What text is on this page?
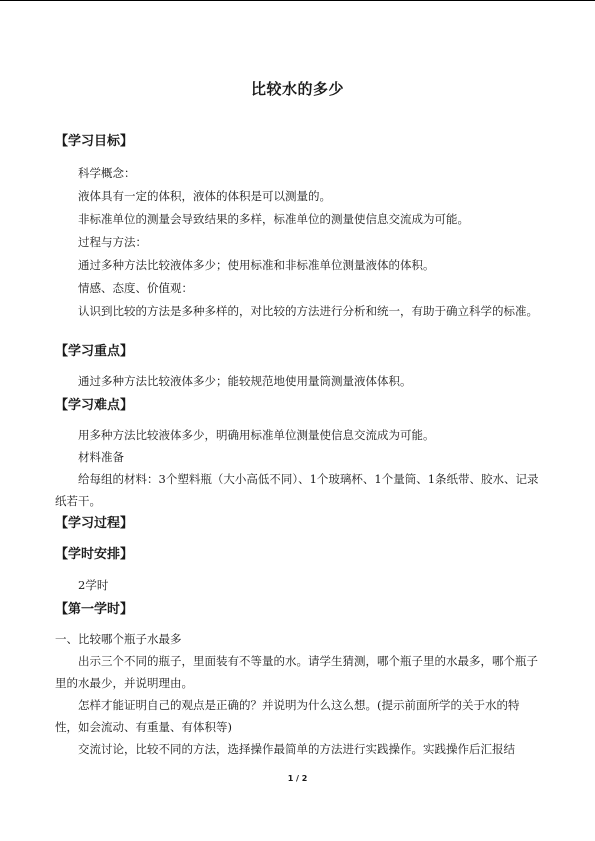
比较水的多少
【学习目标】

科学概念：

液体具有一定的体积，液体的体积是可以测量的。

非标准单位的测量会导致结果的多样，标准单位的测量使信息交流成为可能。

过程与方法：

通过多种方法比较液体多少；使用标准和非标准单位测量液体的体积。

情感、态度、价值观：

认识到比较的方法是多种多样的，对比较的方法进行分析和统一，有助于确立科学的标准。

【学习重点】

通过多种方法比较液体多少；能较规范地使用量筒测量液体体积。

【学习难点】

用多种方法比较液体多少，明确用标准单位测量使信息交流成为可能。

材料准备

给每组的材料：3个塑料瓶（大小高低不同）、1个玻璃杯、1个量筒、1条纸带、胶水、记录纸若干。

【学习过程】
【学时安排】

2学时

【第一学时】

一、比较哪个瓶子水最多

出示三个不同的瓶子，里面装有不等量的水。请学生猜测，哪个瓶子里的水最多，哪个瓶子里的水最少，并说明理由。

怎样才能证明自己的观点是正确的？并说明为什么这么想。(提示前面所学的关于水的特性，如会流动、有重量、有体积等)

交流讨论，比较不同的方法，选择操作最简单的方法进行实践操作。实践操作后汇报结

1 / 2
